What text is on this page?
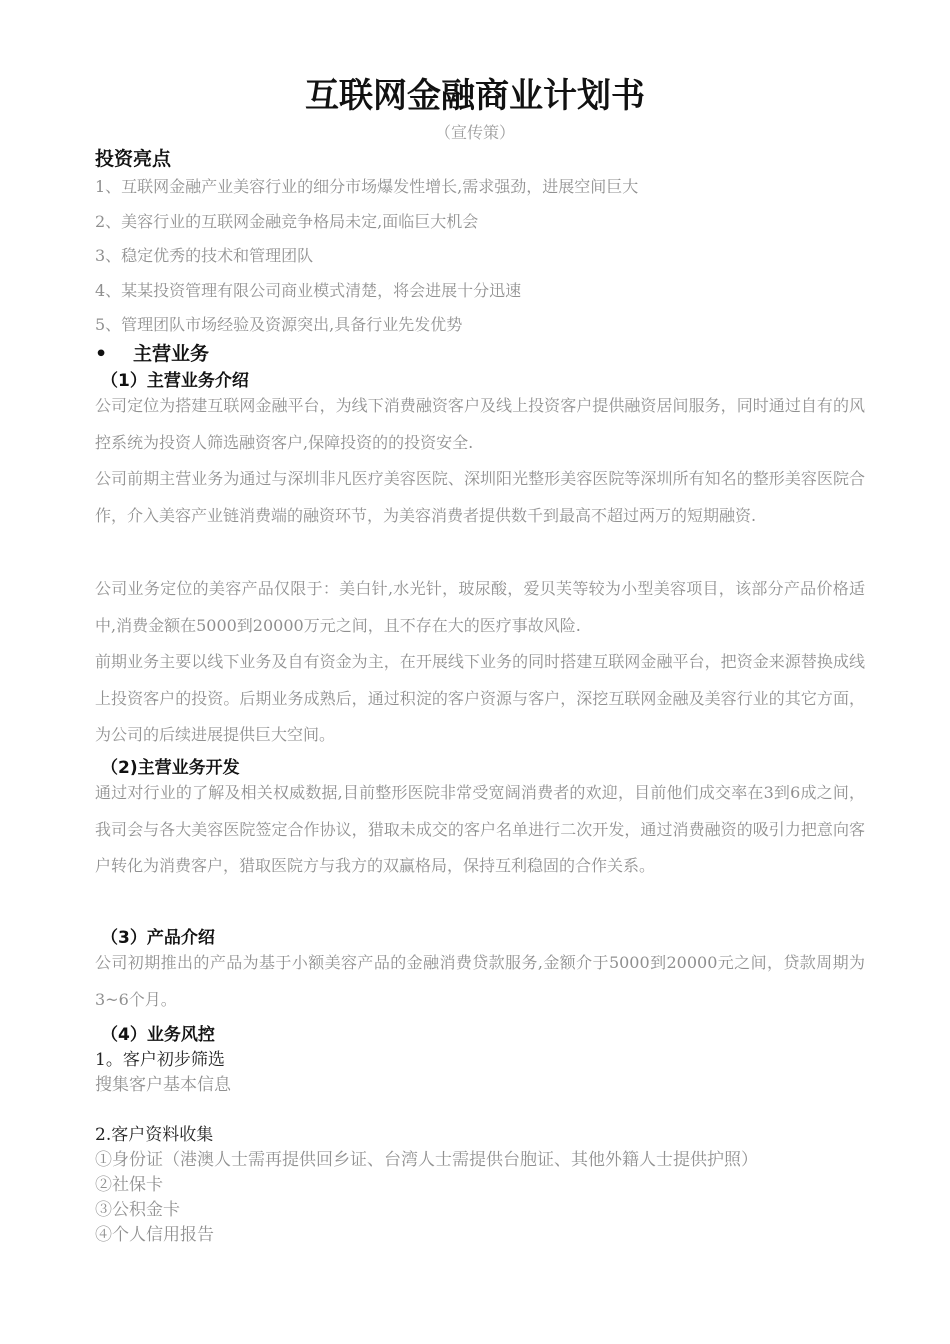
互联网金融商业计划书
（宣传策）
投资亮点
1、互联网金融产业美容行业的细分市场爆发性增长,需求强劲，进展空间巨大
2、美容行业的互联网金融竞争格局未定,面临巨大机会
3、稳定优秀的技术和管理团队
4、某某投资管理有限公司商业模式清楚，将会进展十分迅速
5、管理团队市场经验及资源突出,具备行业先发优势
• 主营业务
（1）主营业务介绍

公司定位为搭建互联网金融平台，为线下消费融资客户及线上投资客户提供融资居间服务，同时通过自有的风控系统为投资人筛选融资客户,保障投资的的投资安全.

公司前期主营业务为通过与深圳非凡医疗美容医院、深圳阳光整形美容医院等深圳所有知名的整形美容医院合作，介入美容产业链消费端的融资环节，为美容消费者提供数千到最高不超过两万的短期融资.

公司业务定位的美容产品仅限于：美白针,水光针，玻尿酸，爱贝芙等较为小型美容项目，该部分产品价格适中,消费金额在5000到20000万元之间，且不存在大的医疗事故风险.

前期业务主要以线下业务及自有资金为主，在开展线下业务的同时搭建互联网金融平台，把资金来源替换成线上投资客户的投资。后期业务成熟后，通过积淀的客户资源与客户，深挖互联网金融及美容行业的其它方面，为公司的后续进展提供巨大空间。

（2)主营业务开发

通过对行业的了解及相关权威数据,目前整形医院非常受宽阔消费者的欢迎，目前他们成交率在3到6成之间，我司会与各大美容医院签定合作协议，猎取未成交的客户名单进行二次开发，通过消费融资的吸引力把意向客户转化为消费客户，猎取医院方与我方的双赢格局，保持互利稳固的合作关系。

（3）产品介绍

公司初期推出的产品为基于小额美容产品的金融消费贷款服务,金额介于5000到20000元之间，贷款周期为3~6个月。

（4）业务风控
1。客户初步筛选
搜集客户基本信息
2.客户资料收集
①身份证（港澳人士需再提供回乡证、台湾人士需提供台胞证、其他外籍人士提供护照）
②社保卡
③公积金卡
④个人信用报告
